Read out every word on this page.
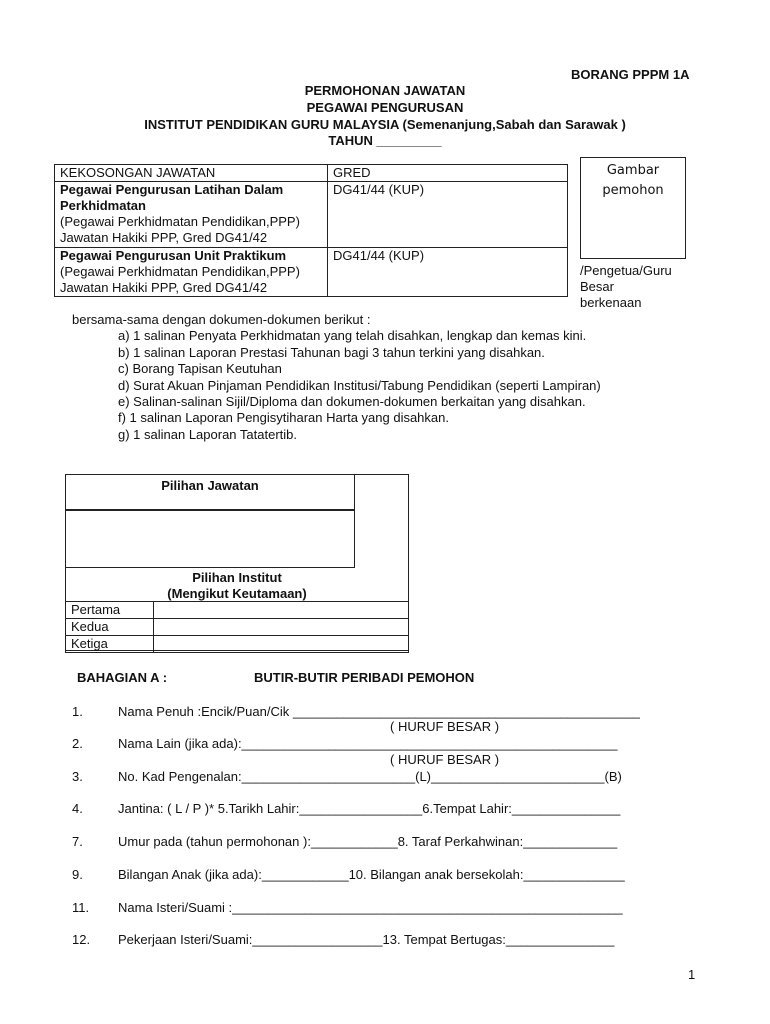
BORANG PPPM 1A
PERMOHONAN JAWATAN
PEGAWAI PENGURUSAN
INSTITUT PENDIDIKAN GURU MALAYSIA (Semenanjung,Sabah dan Sarawak )
TAHUN _________
KEKOSONGAN JAWATAN	GRED

Pegawai Pengurusan Latihan Dalam Perkhidmatan
(Pegawai Perkhidmatan Pendidikan,PPP)
Jawatan Hakiki PPP, Gred DG41/42	DG41/44 (KUP)

Pegawai Pengurusan Unit Praktikum
(Pegawai Perkhidmatan Pendidikan,PPP)
Jawatan Hakiki PPP, Gred DG41/42	DG41/44 (KUP)
Gambar
pemohon
/Pengetua/Guru
Besar
berkenaan
bersama-sama dengan dokumen-dokumen berikut :
a) 1 salinan Penyata Perkhidmatan yang telah disahkan, lengkap dan kemas kini.
b) 1 salinan Laporan Prestasi Tahunan bagi 3 tahun terkini yang disahkan.
c) Borang Tapisan Keutuhan
d) Surat Akuan Pinjaman Pendidikan Institusi/Tabung Pendidikan (seperti Lampiran)
e) Salinan-salinan Sijil/Diploma dan dokumen-dokumen berkaitan yang disahkan.
f) 1 salinan Laporan Pengisytiharan Harta yang disahkan.
g) 1 salinan Laporan Tatatertib.
Pilihan Jawatan
Pilihan Institut
(Mengikut Keutamaan)
Pertama	
Kedua	
Ketiga	
BAHAGIAN A :	BUTIR-BUTIR PERIBADI PEMOHON
1.	Nama Penuh :Encik/Puan/Cik ________________________________________________
( HURUF BESAR )
2.	Nama Lain (jika ada):____________________________________________________
( HURUF BESAR )
3.	No. Kad Pengenalan:________________________(L)________________________(B)
4.	Jantina: ( L / P )* 5.Tarikh Lahir:_________________6.Tempat Lahir:_______________
7.	Umur pada (tahun permohonan ):____________8. Taraf Perkahwinan:_____________
9.	Bilangan Anak (jika ada):____________10. Bilangan anak bersekolah:______________
11. Nama Isteri/Suami :______________________________________________________
12. Pekerjaan Isteri/Suami:__________________13. Tempat Bertugas:_______________
1
